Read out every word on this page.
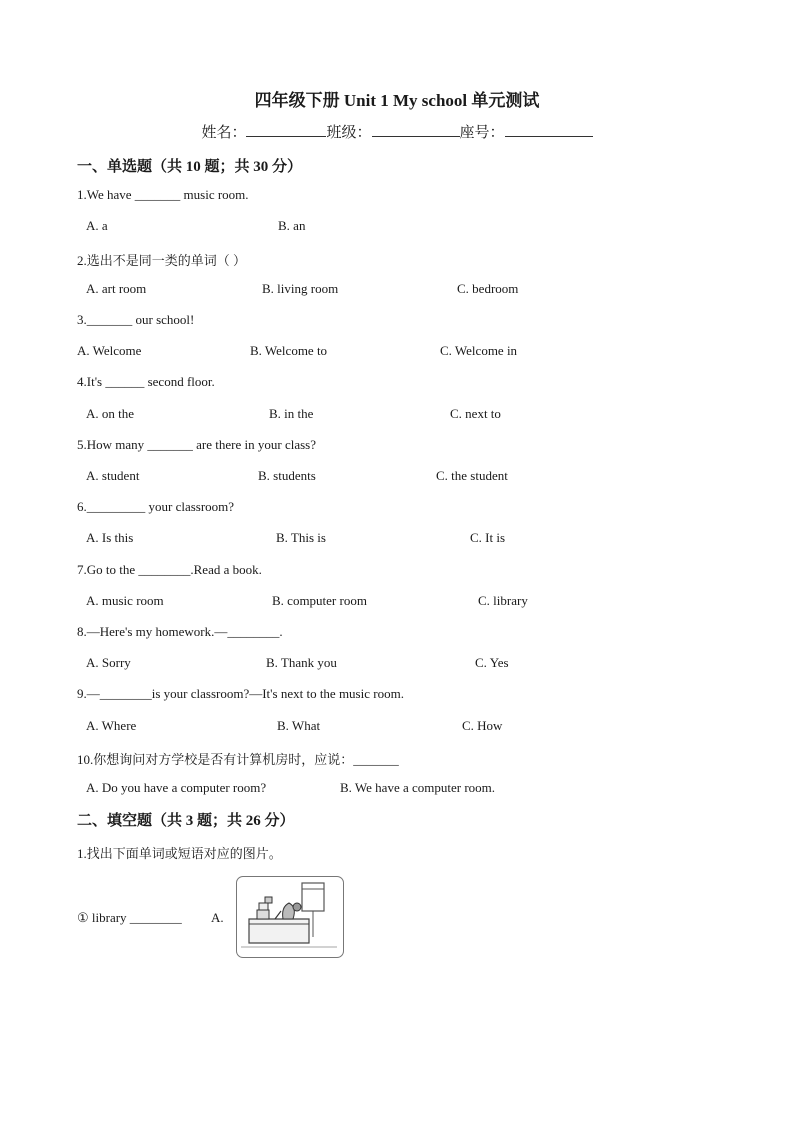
四年级下册 Unit 1 My school 单元测试
姓名：	班级：	座号：
一、单选题（共 10 题；共 30 分）
1.We have _______ music room.
A. a	B. an
2.选出不是同一类的单词（ ）
A. art room	B. living room	C. bedroom
3._______ our school!
A. Welcome	B. Welcome to	C. Welcome in
4.It's ______ second floor.
A. on the	B. in the	C. next to
5.How many _______ are there in your class?
A. student	B. students	C. the student
6._________ your classroom?
A. Is this	B. This is	C. It is
7.Go to the ________.Read a book.
A. music room	B. computer room	C. library
8.—Here's my homework.—________.
A. Sorry	B. Thank you	C. Yes
9.—________is your classroom?—It's next to the music room.
A. Where	B. What	C. How
10.你想询问对方学校是否有计算机房时，应说：_______
A. Do you have a computer room?	B. We have a computer room.
二、填空题（共 3 题；共 26 分）
1.找出下面单词或短语对应的图片。
① library ________ A.
